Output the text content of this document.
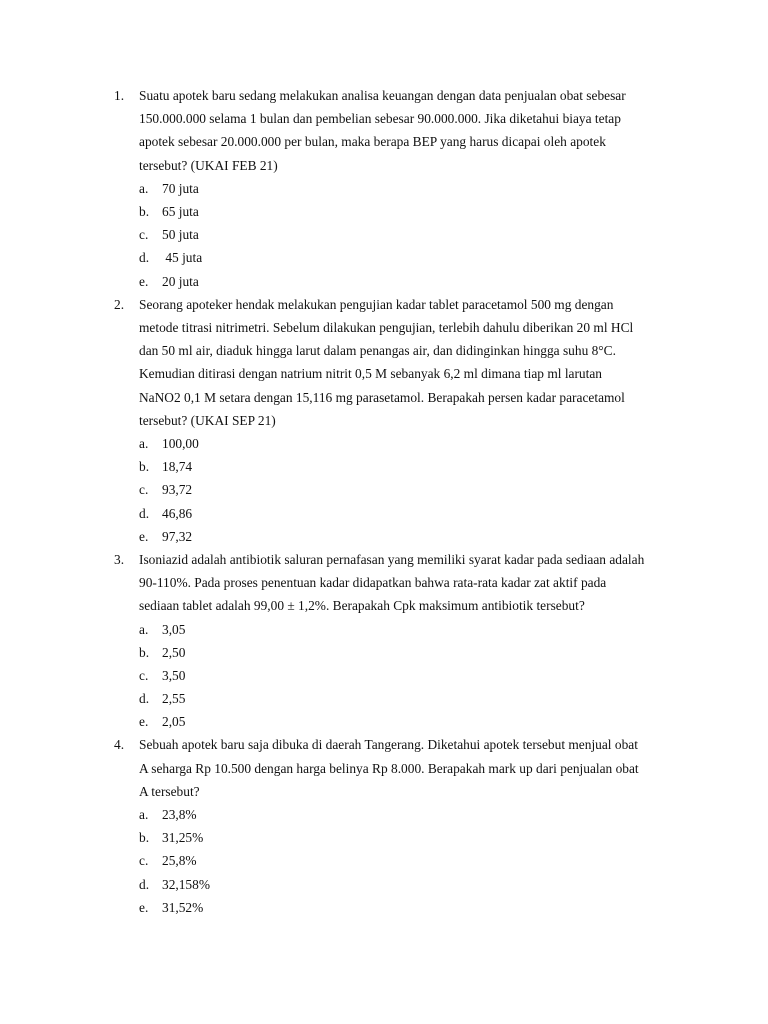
1. Suatu apotek baru sedang melakukan analisa keuangan dengan data penjualan obat sebesar
150.000.000 selama 1 bulan dan pembelian sebesar 90.000.000. Jika diketahui biaya tetap
apotek sebesar 20.000.000 per bulan, maka berapa BEP yang harus dicapai oleh apotek
tersebut? (UKAI FEB 21)
a. 70 juta
b. 65 juta
c. 50 juta
d. 45 juta
e. 20 juta
2. Seorang apoteker hendak melakukan pengujian kadar tablet paracetamol 500 mg dengan
metode titrasi nitrimetri. Sebelum dilakukan pengujian, terlebih dahulu diberikan 20 ml HCl
dan 50 ml air, diaduk hingga larut dalam penangas air, dan didinginkan hingga suhu 8°C.
Kemudian ditirasi dengan natrium nitrit 0,5 M sebanyak 6,2 ml dimana tiap ml larutan
NaNO2 0,1 M setara dengan 15,116 mg parasetamol. Berapakah persen kadar paracetamol
tersebut? (UKAI SEP 21)
a. 100,00
b. 18,74
c. 93,72
d. 46,86
e. 97,32
3. Isoniazid adalah antibiotik saluran pernafasan yang memiliki syarat kadar pada sediaan adalah
90-110%. Pada proses penentuan kadar didapatkan bahwa rata-rata kadar zat aktif pada
sediaan tablet adalah 99,00 ± 1,2%. Berapakah Cpk maksimum antibiotik tersebut?
a. 3,05
b. 2,50
c. 3,50
d. 2,55
e. 2,05
4. Sebuah apotek baru saja dibuka di daerah Tangerang. Diketahui apotek tersebut menjual obat
A seharga Rp 10.500 dengan harga belinya Rp 8.000. Berapakah mark up dari penjualan obat
A tersebut?
a. 23,8%
b. 31,25%
c. 25,8%
d. 32,158%
e. 31,52%
